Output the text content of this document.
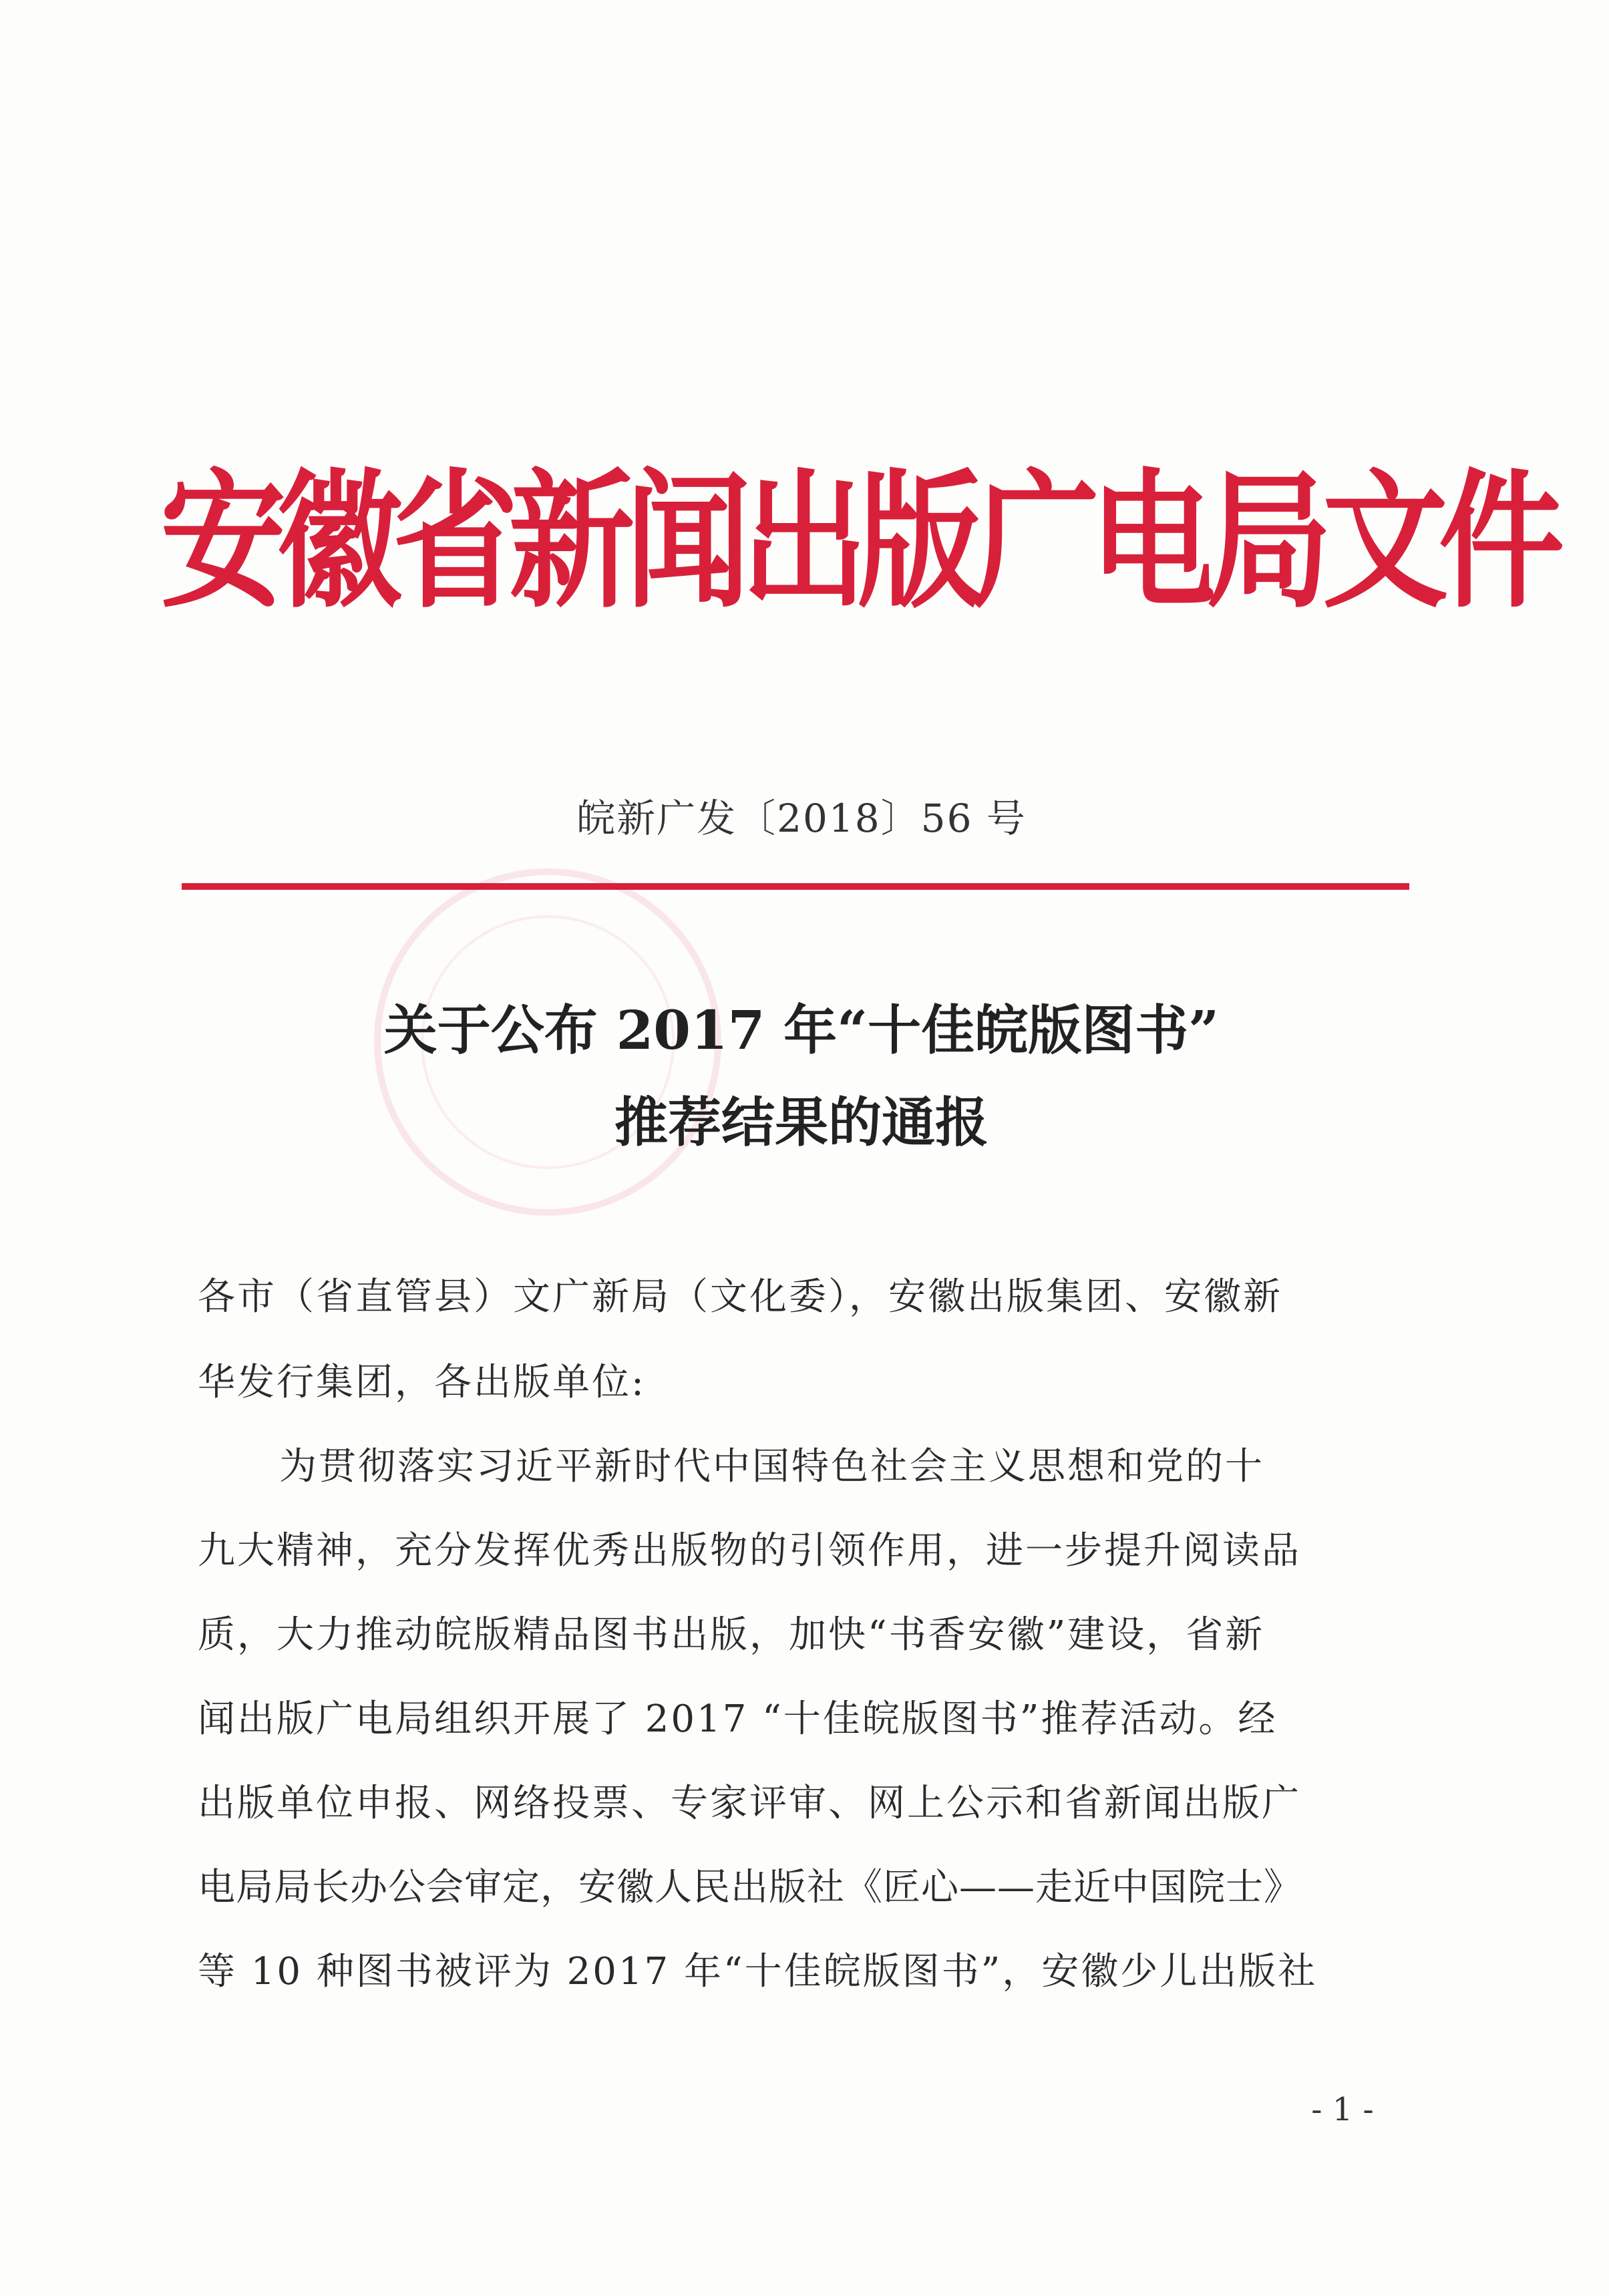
安徽省新闻出版广电局文件
皖新广发〔2018〕56 号
关于公布 2017 年“十佳皖版图书”
推荐结果的通报
各市（省直管县）文广新局（文化委），安徽出版集团、安徽新
华发行集团，各出版单位:
为贯彻落实习近平新时代中国特色社会主义思想和党的十
九大精神，充分发挥优秀出版物的引领作用，进一步提升阅读品
质，大力推动皖版精品图书出版，加快“书香安徽”建设，省新
闻出版广电局组织开展了 2017 “十佳皖版图书”推荐活动。经
出版单位申报、网络投票、专家评审、网上公示和省新闻出版广
电局局长办公会审定，安徽人民出版社《匠心——走近中国院士》
等 10 种图书被评为 2017 年“十佳皖版图书”，安徽少儿出版社
- 1 -
